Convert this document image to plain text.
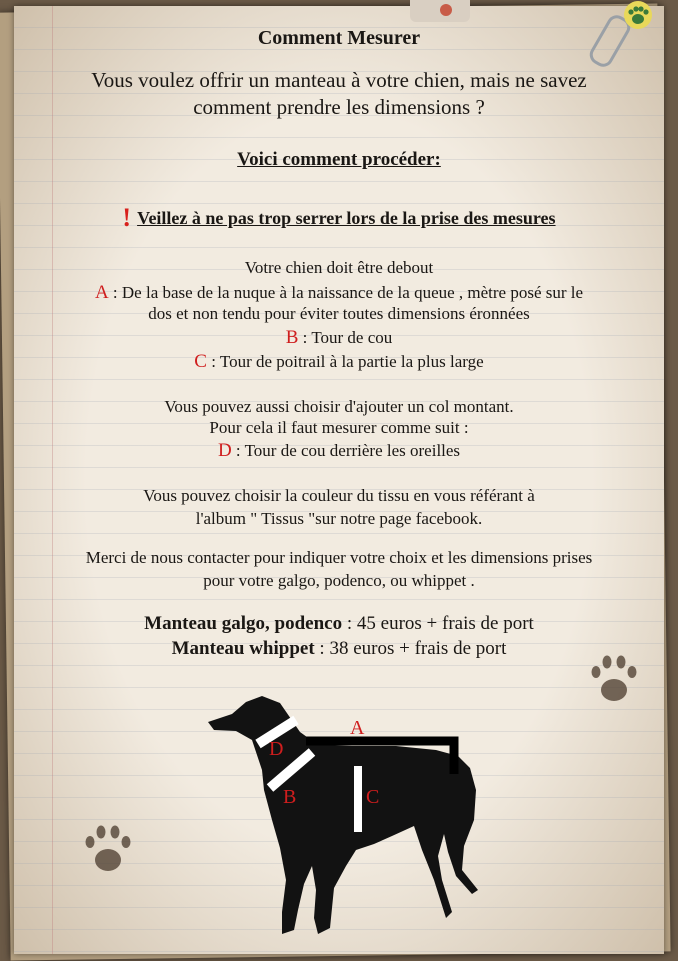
Comment Mesurer
Vous voulez offrir un manteau à votre chien, mais ne savez
comment prendre les dimensions ?
Voici comment procéder:
! Veillez à ne pas trop serrer lors de la prise des mesures
Votre chien doit être debout
A : De la base de la nuque à la naissance de la queue , mètre posé sur le
dos et non tendu pour éviter toutes dimensions éronnées
B : Tour de cou
C : Tour de poitrail à la partie la plus large
Vous pouvez aussi choisir d'ajouter un col montant.
Pour cela il faut mesurer comme suit :
D : Tour de cou derrière les oreilles
Vous pouvez choisir la couleur du tissu en vous référant à
l'album " Tissus "sur notre page facebook.
Merci de nous contacter pour indiquer votre choix et les dimensions prises
pour votre galgo, podenco, ou whippet .
Manteau galgo, podenco : 45 euros + frais de port
Manteau whippet : 38 euros + frais de port
A
D
B	C
